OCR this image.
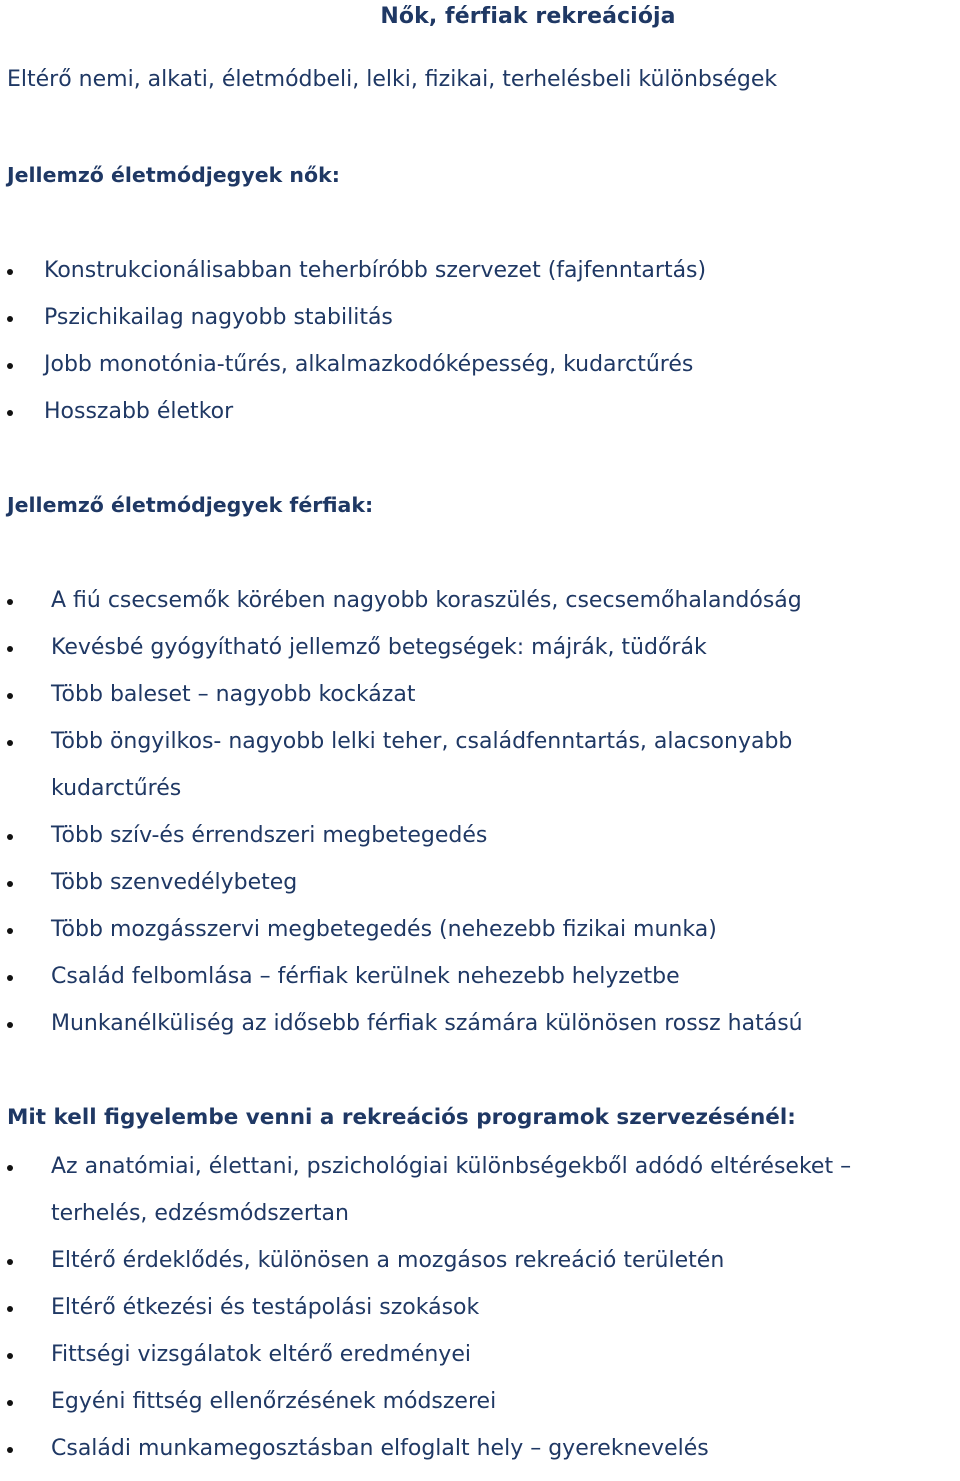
Nők, férfiak rekreációja
Eltérő nemi, alkati, életmódbeli, lelki, fizikai, terhelésbeli különbségek
Jellemző életmódjegyek nők:
Konstrukcionálisabban teherbíróbb szervezet (fajfenntartás)
Pszichikailag nagyobb stabilitás
Jobb monotónia-tűrés, alkalmazkodóképesség, kudarctűrés
Hosszabb életkor
Jellemző életmódjegyek férfiak:
A fiú csecsemők körében nagyobb koraszülés, csecsemőhalandóság
Kevésbé gyógyítható jellemző betegségek: májrák, tüdőrák
Több baleset – nagyobb kockázat
Több öngyilkos- nagyobb lelki teher, családfenntartás, alacsonyabb
kudarctűrés
Több szív-és érrendszeri megbetegedés
Több szenvedélybeteg
Több mozgásszervi megbetegedés (nehezebb fizikai munka)
Család felbomlása – férfiak kerülnek nehezebb helyzetbe
Munkanélküliség az idősebb férfiak számára különösen rossz hatású
Mit kell figyelembe venni a rekreációs programok szervezésénél:
Az anatómiai, élettani, pszichológiai különbségekből adódó eltéréseket –
terhelés, edzésmódszertan
Eltérő érdeklődés, különösen a mozgásos rekreáció területén
Eltérő étkezési és testápolási szokások
Fittségi vizsgálatok eltérő eredményei
Egyéni fittség ellenőrzésének módszerei
Családi munkamegosztásban elfoglalt hely – gyereknevelés
